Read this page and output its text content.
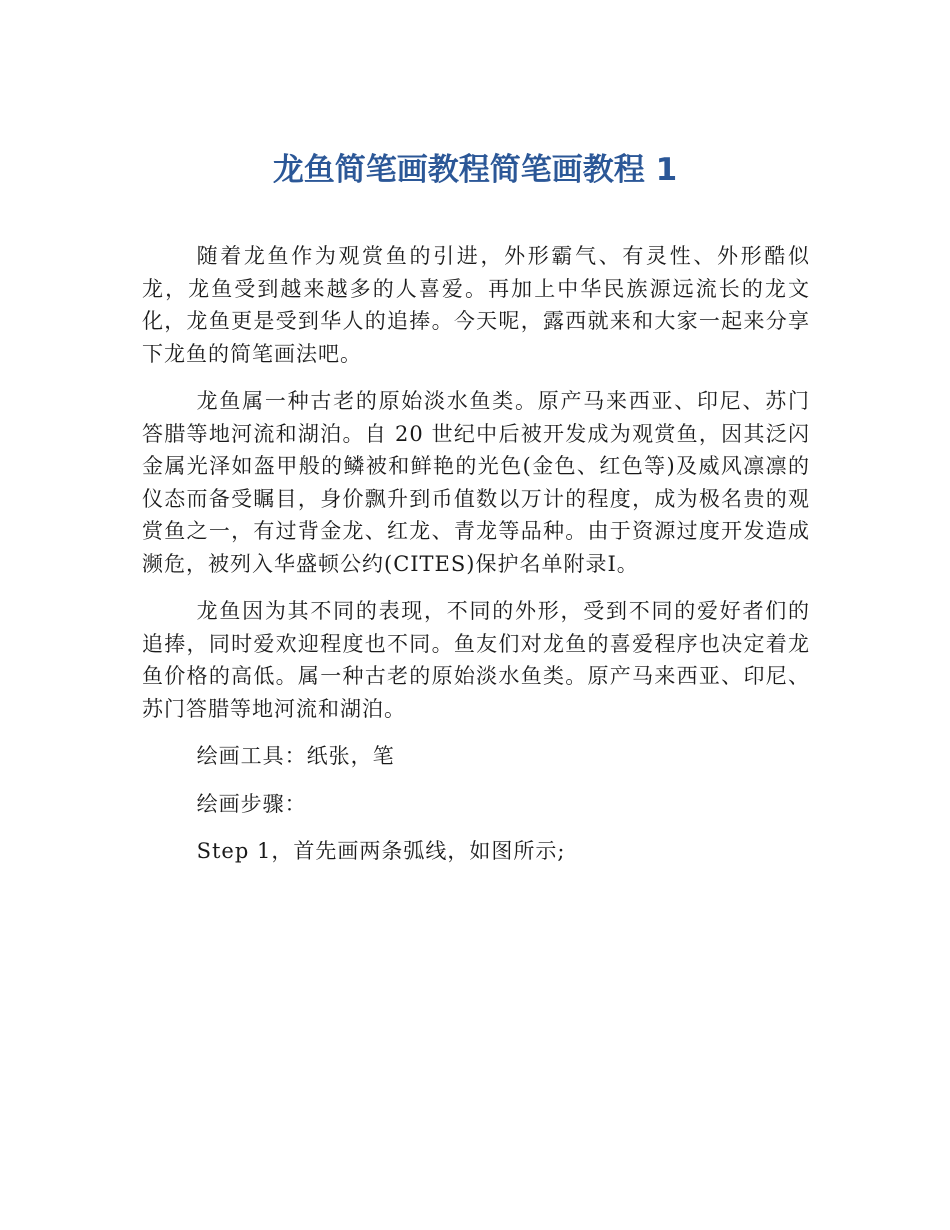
龙鱼简笔画教程简笔画教程 1

随着龙鱼作为观赏鱼的引进，外形霸气、有灵性、外形酷似龙，龙鱼受到越来越多的人喜爱。再加上中华民族源远流长的龙文化，龙鱼更是受到华人的追捧。今天呢，露西就来和大家一起来分享下龙鱼的简笔画法吧。

龙鱼属一种古老的原始淡水鱼类。原产马来西亚、印尼、苏门答腊等地河流和湖泊。自 20 世纪中后被开发成为观赏鱼，因其泛闪金属光泽如盔甲般的鳞被和鲜艳的光色(金色、红色等)及威风凛凛的仪态而备受瞩目，身价飘升到币值数以万计的程度，成为极名贵的观赏鱼之一，有过背金龙、红龙、青龙等品种。由于资源过度开发造成濒危，被列入华盛顿公约(CITES)保护名单附录Ⅰ。

龙鱼因为其不同的表现，不同的外形，受到不同的爱好者们的追捧，同时爱欢迎程度也不同。鱼友们对龙鱼的喜爱程序也决定着龙鱼价格的高低。属一种古老的原始淡水鱼类。原产马来西亚、印尼、苏门答腊等地河流和湖泊。

绘画工具：纸张，笔

绘画步骤：

Step 1，首先画两条弧线，如图所示;
